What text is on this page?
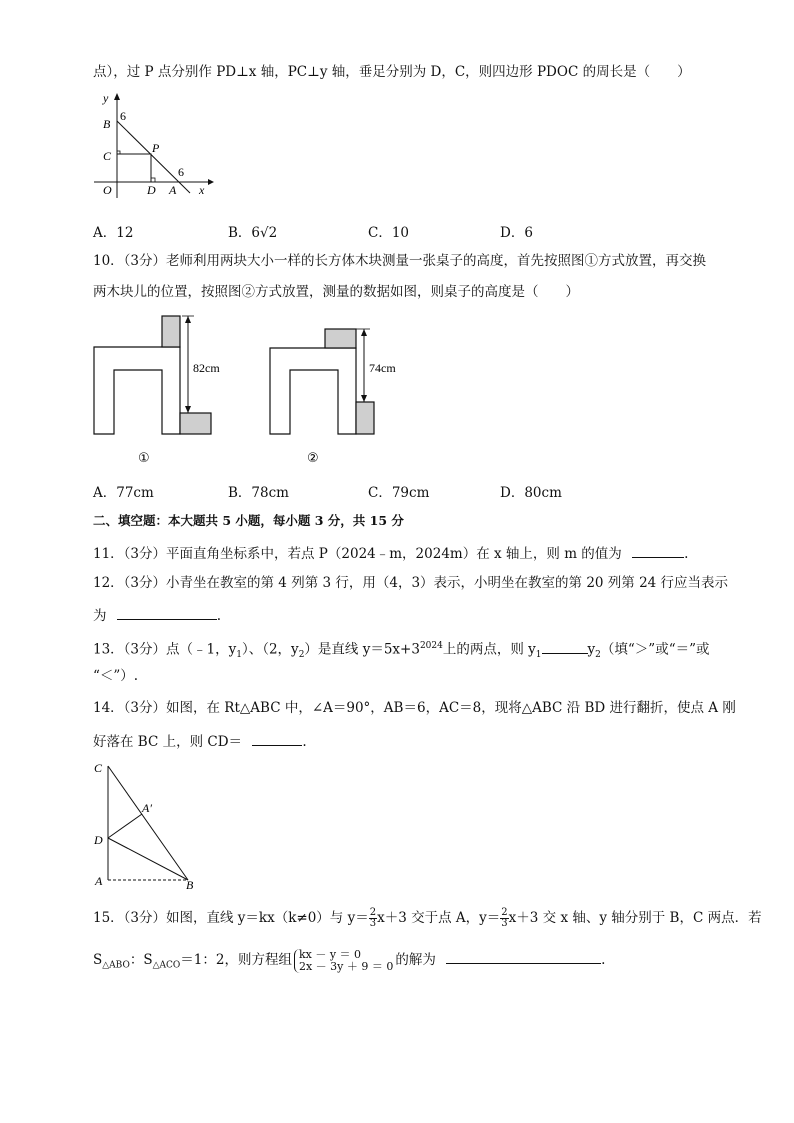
点），过 P 点分别作 PD⊥x 轴，PC⊥y 轴，垂足分别为 D，C，则四边形 PDOC 的周长是（　　）
y
B
6
C
P
6
O	D A x
A．12	B．6√2	C．10	D．6
10．（3分）老师利用两块大小一样的长方体木块测量一张桌子的高度，首先按照图①方式放置，再交换
两木块儿的位置，按照图②方式放置，测量的数据如图，则桌子的高度是（　　）
82cm
①
74cm
②
A．77cm	B．78cm	C．79cm	D．80cm
二、填空题：本大题共 5 小题，每小题 3 分，共 15 分
11．（3分）平面直角坐标系中，若点 P（2024﹣m，2024m）在 x 轴上，则 m 的值为	.
12．（3分）小青坐在教室的第 4 列第 3 行，用（4，3）表示，小明坐在教室的第 20 列第 24 行应当表示
为	.
13．（3分）点（﹣1，$y_1$）、（2，$y_2$）是直线 $y=5x+3^{2024}$上的两点，则 $y_1$	$y_2$（填“＞”或“＝”或
“＜”）.
14．（3分）如图，在 Rt△ABC 中，∠A＝90°，AB＝6，AC＝8，现将△ABC 沿 BD 进行翻折，使点 A 刚
好落在 BC 上，则 CD＝	.
C
A′
D
A	B
15．（3分）如图，直线 y＝kx（k≠0）与 $y= \frac{2}{3} x+3$ 交于点 A，$y= \frac{2}{3} x+3$ 交 x 轴、y 轴分别于 B，C 两点．若
$S_{\triangle ABO}$：$S_{\triangle ACO}=1$：2，则方程组 kx － y ＝ 0
2x － 3y ＋ 9 ＝ 0 的解为	.
